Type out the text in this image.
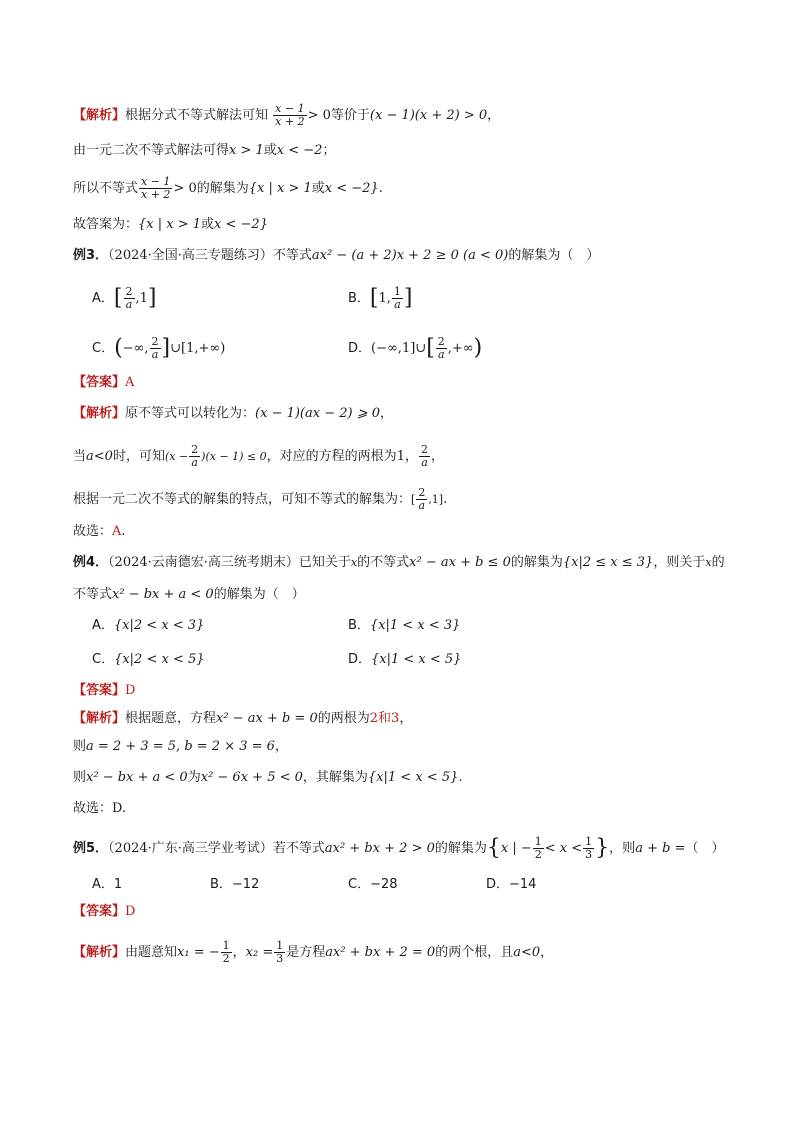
【解析】根据分式不等式解法可知 $\frac{x - 1}{x + 2} > 0$等价于(x − 1)(x + 2) > 0，
由一元二次不等式解法可得x > 1或x < −2；
所以不等式 $\frac{x - 1}{x + 2} > 0$的解集为{x | x > 1或x < −2}.
故答案为：{x | x > 1或x < −2}
例3．（2024·全国·高三专题练习）不等式ax² − (a + 2)x + 2 ≥ 0 (a < 0)的解集为（　）
A．[ $\frac{2}{a} ,1$]	B．[1, $\frac{1}{a}$ ]
C．(−∞, $\frac{2}{a}$ ]∪[1,+∞)	D．(−∞,1]∪[ $\frac{2}{a}$ ,+∞)
【答案】A
【解析】原不等式可以转化为：(x − 1)(ax − 2) ⩾ 0，
当a<0时，可知$(x - \frac{2}{a} )(x - 1) \le 0$，对应的方程的两根为1， $\frac{2}{a}$ ，
根据一元二次不等式的解集的特点，可知不等式的解集为：[ $\frac{2}{a} ,1$].
故选：A.
例4．（2024·云南德宏·高三统考期末）已知关于x的不等式x² − ax + b ≤ 0的解集为{x|2 ≤ x ≤ 3}，则关于x的
不等式x² − bx + a < 0的解集为（　）
A．{x|2 < x < 3}	B．{x|1 < x < 3}
C．{x|2 < x < 5}	D．{x|1 < x < 5}
【答案】D
【解析】根据题意，方程x² − ax + b = 0的两根为2和3，
则a = 2 + 3 = 5, b = 2 × 3 = 6，
则x² − bx + a < 0为x² − 6x + 5 < 0，其解集为{x|1 < x < 5}.
故选：D.
例5．（2024·广东·高三学业考试）若不等式ax² + bx + 2 > 0的解集为{x | − $\frac{1}{2} < x < \frac{1}{3}$ }，则a + b =（　）
A．1	B．−12	C．−28	D．−14
【答案】D
【解析】由题意知x₁ = − $\frac{1}{2}$ ，$x_2 = \frac{1}{3}$ 是方程ax² + bx + 2 = 0的两个根，且a<0，
